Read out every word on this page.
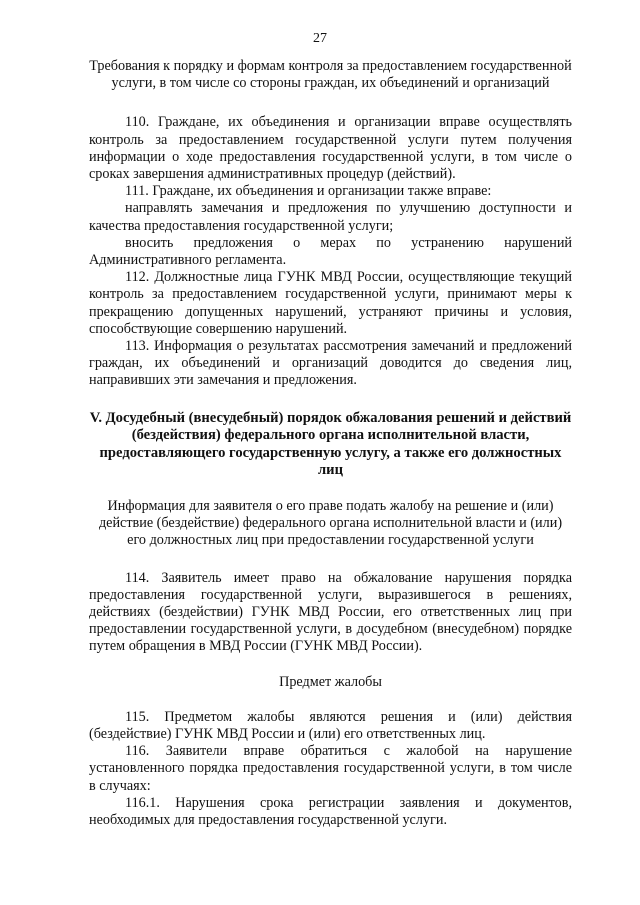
27
Требования к порядку и формам контроля за предоставлением государственной услуги, в том числе со стороны граждан, их объединений и организаций

110. Граждане, их объединения и организации вправе осуществлять контроль за предоставлением государственной услуги путем получения информации о ходе предоставления государственной услуги, в том числе о сроках завершения административных процедур (действий).

111. Граждане, их объединения и организации также вправе:

направлять замечания и предложения по улучшению доступности и качества предоставления государственной услуги;

вносить предложения о мерах по устранению нарушений Административного регламента.

112. Должностные лица ГУНК МВД России, осуществляющие текущий контроль за предоставлением государственной услуги, принимают меры к прекращению допущенных нарушений, устраняют причины и условия, способствующие совершению нарушений.

113. Информация о результатах рассмотрения замечаний и предложений граждан, их объединений и организаций доводится до сведения лиц, направивших эти замечания и предложения.

V. Досудебный (внесудебный) порядок обжалования решений и действий (бездействия) федерального органа исполнительной власти, предоставляющего государственную услугу, а также его должностных лиц
Информация для заявителя о его праве подать жалобу на решение и (или) действие (бездействие) федерального органа исполнительной власти и (или) его должностных лиц при предоставлении государственной услуги

114. Заявитель имеет право на обжалование нарушения порядка предоставления государственной услуги, выразившегося в решениях, действиях (бездействии) ГУНК МВД России, его ответственных лиц при предоставлении государственной услуги, в досудебном (внесудебном) порядке путем обращения в МВД России (ГУНК МВД России).

Предмет жалобы

115. Предметом жалобы являются решения и (или) действия (бездействие) ГУНК МВД России и (или) его ответственных лиц.

116. Заявители вправе обратиться с жалобой на нарушение установленного порядка предоставления государственной услуги, в том числе в случаях:

116.1. Нарушения срока регистрации заявления и документов, необходимых для предоставления государственной услуги.
